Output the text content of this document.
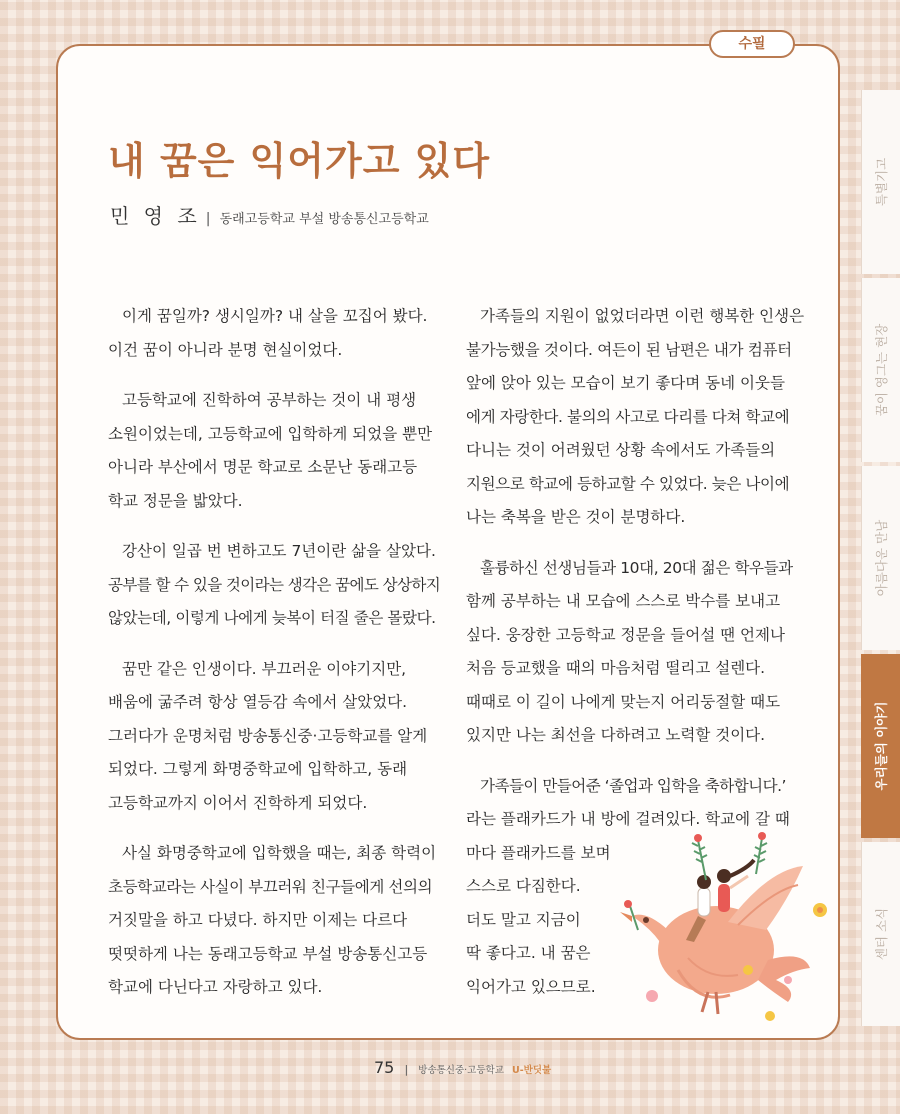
수필
내 꿈은 익어가고 있다
민 영 조 | 동래고등학교 부설 방송통신고등학교

이게 꿈일까? 생시일까? 내 살을 꼬집어 봤다.
이건 꿈이 아니라 분명 현실이었다.

고등학교에 진학하여 공부하는 것이 내 평생
소원이었는데, 고등학교에 입학하게 되었을 뿐만
아니라 부산에서 명문 학교로 소문난 동래고등
학교 정문을 밟았다.

강산이 일곱 번 변하고도 7년이란 삶을 살았다.
공부를 할 수 있을 것이라는 생각은 꿈에도 상상하지
않았는데, 이렇게 나에게 늦복이 터질 줄은 몰랐다.

꿈만 같은 인생이다. 부끄러운 이야기지만,
배움에 굶주려 항상 열등감 속에서 살았었다.
그러다가 운명처럼 방송통신중·고등학교를 알게
되었다. 그렇게 화명중학교에 입학하고, 동래
고등학교까지 이어서 진학하게 되었다.

사실 화명중학교에 입학했을 때는, 최종 학력이
초등학교라는 사실이 부끄러워 친구들에게 선의의
거짓말을 하고 다녔다. 하지만 이제는 다르다
떳떳하게 나는 동래고등학교 부설 방송통신고등
학교에 다닌다고 자랑하고 있다.

가족들의 지원이 없었더라면 이런 행복한 인생은
불가능했을 것이다. 여든이 된 남편은 내가 컴퓨터
앞에 앉아 있는 모습이 보기 좋다며 동네 이웃들
에게 자랑한다. 불의의 사고로 다리를 다쳐 학교에
다니는 것이 어려웠던 상황 속에서도 가족들의
지원으로 학교에 등하교할 수 있었다. 늦은 나이에
나는 축복을 받은 것이 분명하다.

훌륭하신 선생님들과 10대, 20대 젊은 학우들과
함께 공부하는 내 모습에 스스로 박수를 보내고
싶다. 웅장한 고등학교 정문을 들어설 땐 언제나
처음 등교했을 때의 마음처럼 떨리고 설렌다.
때때로 이 길이 나에게 맞는지 어리둥절할 때도
있지만 나는 최선을 다하려고 노력할 것이다.

가족들이 만들어준 ‘졸업과 입학을 축하합니다.’
라는 플래카드가 내 방에 걸려있다. 학교에 갈 때
마다 플래카드를 보며
스스로 다짐한다.
더도 말고 지금이
딱 좋다고. 내 꿈은
익어가고 있으므로.

특별기고
꿈이 영그는 현장
아름다운 만남
우리들의 이야기
센터 소식
75 | 방송통신중·고등학교 U-반딧불
